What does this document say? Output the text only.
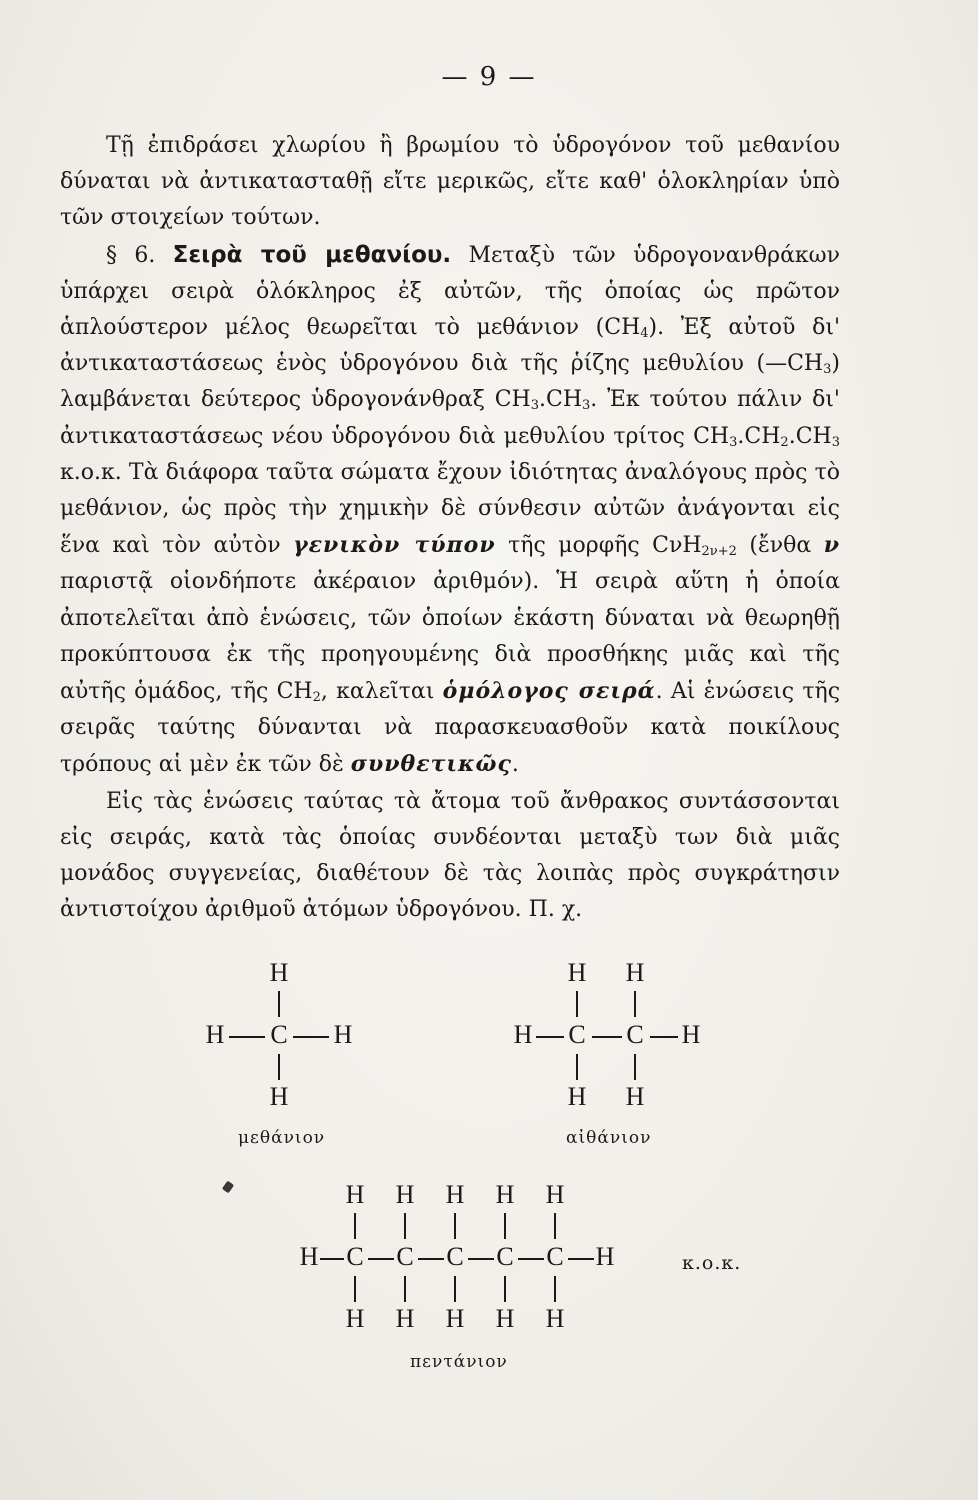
— 9 —

Τῇ ἐπιδράσει χλωρίου ἢ βρωμίου τὸ ὑδρογόνον τοῦ μεθανίου δύναται νὰ ἀντικατασταθῇ εἴτε μερικῶς, εἴτε καθ' ὁλοκληρίαν ὑπὸ τῶν στοιχείων τούτων.

§ 6. Σειρὰ τοῦ μεθανίου. Μεταξὺ τῶν ὑδρογονανθράκων ὑπάρχει σειρὰ ὁλόκληρος ἐξ αὐτῶν, τῆς ὁποίας ὡς πρῶτον ἁπλούστερον μέλος θεωρεῖται τὸ μεθάνιον $(CH_4)$. Ἐξ αὐτοῦ δι' ἀντικαταστάσεως ἑνὸς ὑδρογόνου διὰ τῆς ῥίζης μεθυλίου $(—CH_3)$ λαμβάνεται δεύτερος ὑδρογονάνθραξ $CH_3.CH_3$. Ἐκ τούτου πάλιν δι' ἀντικαταστάσεως νέου ὑδρογόνου διὰ μεθυλίου τρίτος $CH_3.CH_2.CH_3$ κ.ο.κ. Τὰ διάφορα ταῦτα σώματα ἔχουν ἰδιότητας ἀναλόγους πρὸς τὸ μεθάνιον, ὡς πρὸς τὴν χημικὴν δὲ σύνθεσιν αὐτῶν ἀνάγονται εἰς ἕνα καὶ τὸν αὐτὸν γενικὸν τύπον τῆς μορφῆς CνH$_{2\nu+2}$ (ἔνθα ν παριστᾷ οἱονδήποτε ἀκέραιον ἀριθμόν). Ἡ σειρὰ αὕτη ἡ ὁποία ἀποτελεῖται ἀπὸ ἑνώσεις, τῶν ὁποίων ἑκάστη δύναται νὰ θεωρηθῇ προκύπτουσα ἐκ τῆς προηγουμένης διὰ προσθήκης μιᾶς καὶ τῆς αὐτῆς ὁμάδος, τῆς $CH_2$, καλεῖται ὁμόλογος σειρά. Αἱ ἑνώσεις τῆς σειρᾶς ταύτης δύνανται νὰ παρασκευασθοῦν κατὰ ποικίλους τρόπους αἱ μὲν ἐκ τῶν δὲ συνθετικῶς.

Εἰς τὰς ἑνώσεις ταύτας τὰ ἄτομα τοῦ ἄνθρακος συντάσσονται εἰς σειράς, κατὰ τὰς ὁποίας συνδέονται μεταξὺ των διὰ μιᾶς μονάδος συγγενείας, διαθέτουν δὲ τὰς λοιπὰς πρὸς συγκράτησιν ἀντιστοίχου ἀριθμοῦ ἀτόμων ὑδρογόνου. Π. χ.

H
H C H
H
μεθάνιον
H H
H C C H
H H
αἰθάνιον
H H H H H
H C C C C C H
H H H H H
κ.ο.κ.
πεντάνιον
